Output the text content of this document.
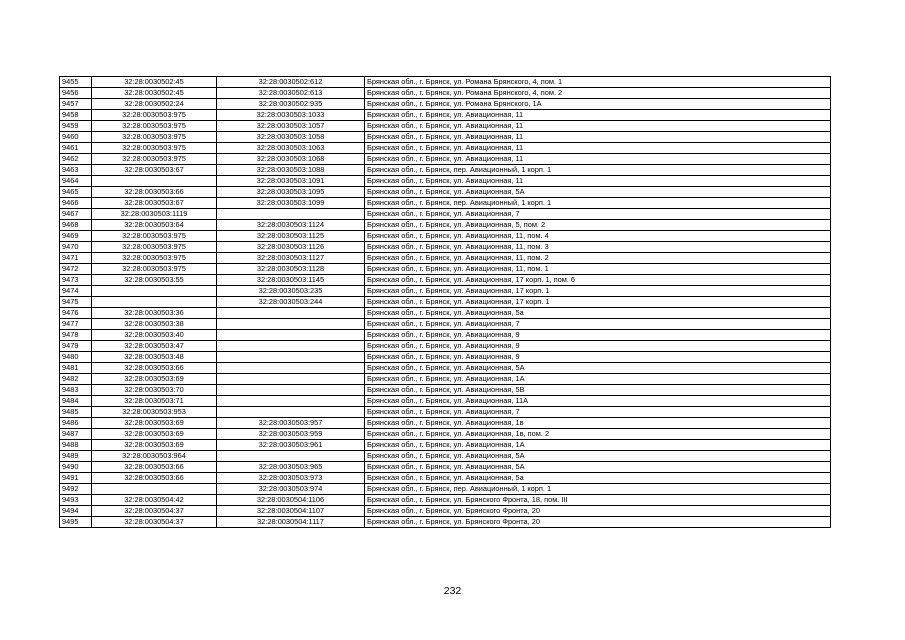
9455	32:28:0030502:45	32:28:0030502:612	Брянская обл., г. Брянск, ул. Романа Брянского, 4, пом. 1
9456	32:28:0030502:45	32:28:0030502:613	Брянская обл., г. Брянск, ул. Романа Брянского, 4, пом. 2
9457	32:28:0030502:24	32:28:0030502:935	Брянская обл., г. Брянск, ул. Романа Брянского, 1А
9458	32:28:0030503:975	32:28:0030503:1033	Брянская обл., г. Брянск, ул. Авиационная, 11
9459	32:28:0030503:975	32:28:0030503:1057	Брянская обл., г. Брянск, ул. Авиационная, 11
9460	32:28:0030503:975	32:28:0030503:1058	Брянская обл., г. Брянск, ул. Авиационная, 11
9461	32:28:0030503:975	32:28:0030503:1063	Брянская обл., г. Брянск, ул. Авиационная, 11
9462	32:28:0030503:975	32:28:0030503:1068	Брянская обл., г. Брянск, ул. Авиационная, 11
9463	32:28:0030503:67	32:28:0030503:1088	Брянская обл., г. Брянск, пер. Авиационный, 1 корп. 1
9464		32:28:0030503:1091	Брянская обл., г. Брянск, ул. Авиационная, 11
9465	32:28:0030503:66	32:28:0030503:1095	Брянская обл., г. Брянск, ул. Авиационная, 5А
9466	32:28:0030503:67	32:28:0030503:1099	Брянская обл., г. Брянск, пер. Авиационный, 1 корп. 1
9467	32:28:0030503:1119		Брянская обл., г. Брянск, ул. Авиационная, 7
9468	32:28:0030503:64	32:28:0030503:1124	Брянская обл., г. Брянск, ул. Авиационная, 5, пом. 2
9469	32:28:0030503:975	32:28:0030503:1125	Брянская обл., г. Брянск, ул. Авиационная, 11, пом. 4
9470	32:28:0030503:975	32:28:0030503:1126	Брянская обл., г. Брянск, ул. Авиационная, 11, пом. 3
9471	32:28:0030503:975	32:28:0030503:1127	Брянская обл., г. Брянск, ул. Авиационная, 11, пом. 2
9472	32:28:0030503:975	32:28:0030503:1128	Брянская обл., г. Брянск, ул. Авиационная, 11, пом. 1
9473	32:28:0030503:55	32:28:0030503:1145	Брянская обл., г. Брянск, ул. Авиационная, 17 корп. 1, пом. 6
9474		32:28:0030503:235	Брянская обл., г. Брянск, ул. Авиационная, 17 корп. 1
9475		32:28:0030503:244	Брянская обл., г. Брянск, ул. Авиационная, 17 корп. 1
9476	32:28:0030503:36		Брянская обл., г. Брянск, ул. Авиационная, 5а
9477	32:28:0030503:38		Брянская обл., г. Брянск, ул. Авиационная, 7
9478	32:28:0030503:40		Брянская обл., г. Брянск, ул. Авиационная, 9
9479	32:28:0030503:47		Брянская обл., г. Брянск, ул. Авиационная, 9
9480	32:28:0030503:48		Брянская обл., г. Брянск, ул. Авиационная, 9
9481	32:28:0030503:66		Брянская обл., г. Брянск, ул. Авиационная, 5А
9482	32:28:0030503:69		Брянская обл., г. Брянск, ул. Авиационная, 1А
9483	32:28:0030503:70		Брянская обл., г. Брянск, ул. Авиационная, 5В
9484	32:28:0030503:71		Брянская обл., г. Брянск, ул. Авиационная, 11А
9485	32:28:0030503:953		Брянская обл., г. Брянск, ул. Авиационная, 7
9486	32:28:0030503:69	32:28:0030503:957	Брянская обл., г. Брянск, ул. Авиационная, 1в
9487	32:28:0030503:69	32:28:0030503:959	Брянская обл., г. Брянск, ул. Авиационная, 1в, пом. 2
9488	32:28:0030503:69	32:28:0030503:961	Брянская обл., г. Брянск, ул. Авиационная, 1А
9489	32:28:0030503:964		Брянская обл., г. Брянск, ул. Авиационная, 5А
9490	32:28:0030503:66	32:28:0030503:965	Брянская обл., г. Брянск, ул. Авиационная, 5А
9491	32:28:0030503:66	32:28:0030503:973	Брянская обл., г. Брянск, ул. Авиационная, 5а
9492		32:28:0030503:974	Брянская обл., г. Брянск, пер. Авиационный, 1 корп. 1
9493	32:28:0030504:42	32:28:0030504:1106	Брянская обл., г. Брянск, ул. Брянского Фронта, 18, пом. III
9494	32:28:0030504:37	32:28:0030504:1107	Брянская обл., г. Брянск, ул. Брянского Фронта, 20
9495	32:28:0030504:37	32:28:0030504:1117	Брянская обл., г. Брянск, ул. Брянского Фронта, 20
232
